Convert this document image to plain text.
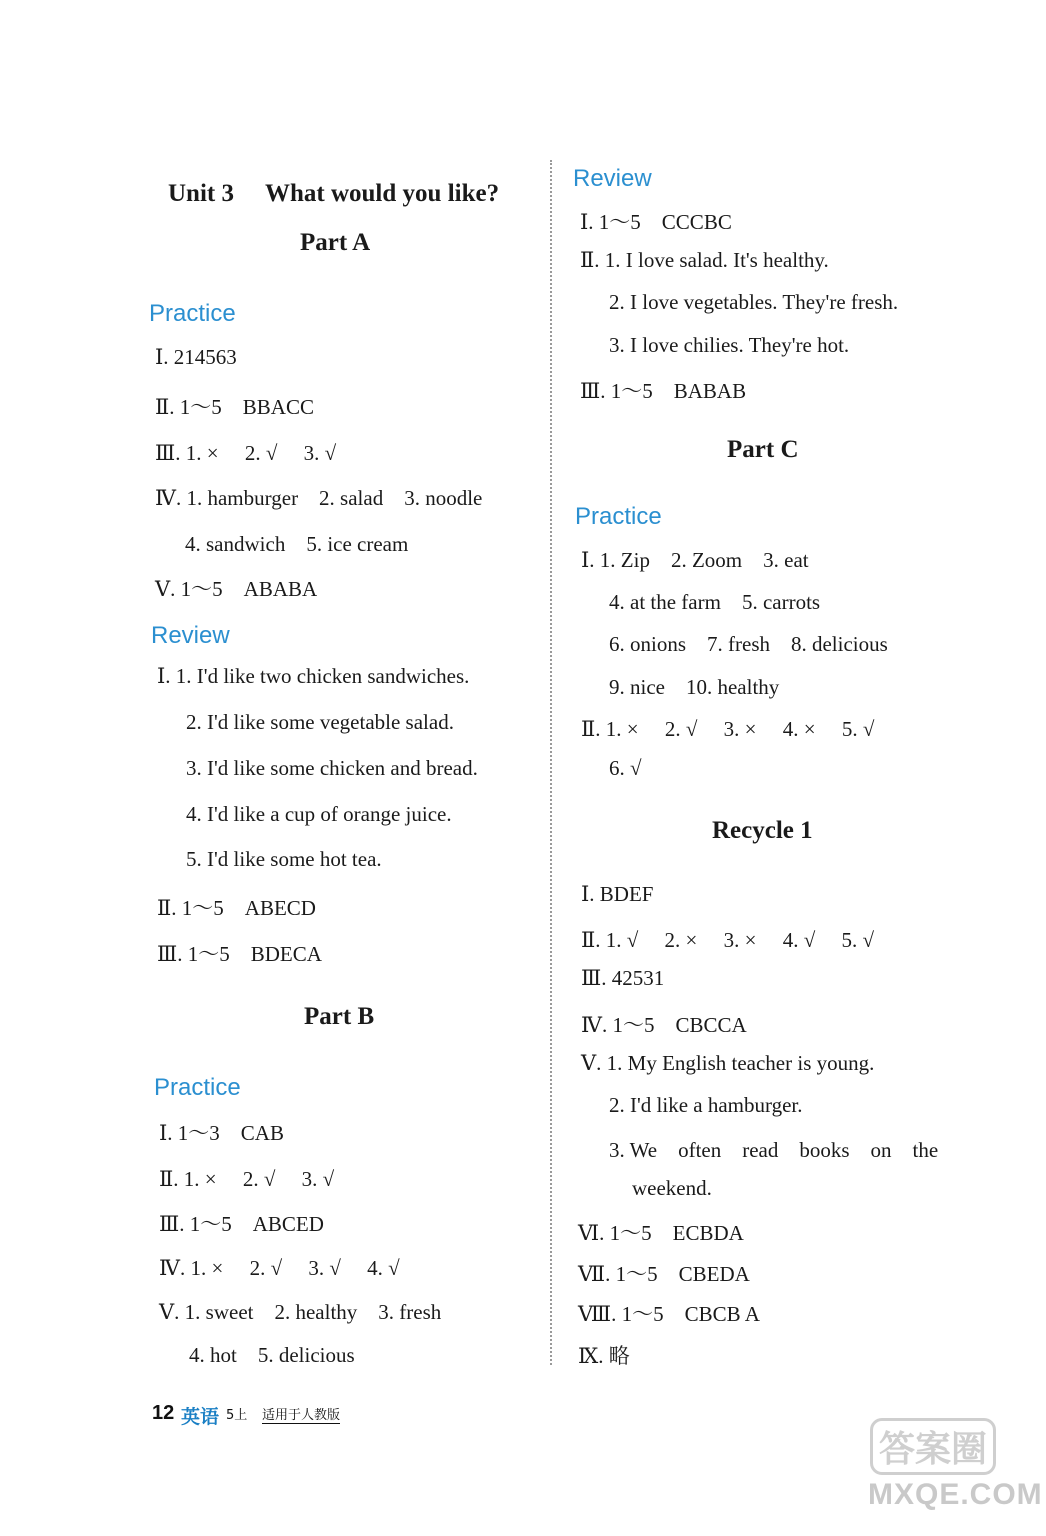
Unit 3 What would you like?
Part A
Practice
Ⅰ. 214563
Ⅱ. 1～5　BBACC
Ⅲ. 1. ×　 2. √　 3. √
Ⅳ. 1. hamburger　2. salad　3. noodle
4. sandwich　5. ice cream
Ⅴ. 1～5　ABABA
Review
Ⅰ. 1. I'd like two chicken sandwiches.
2. I'd like some vegetable salad.
3. I'd like some chicken and bread.
4. I'd like a cup of orange juice.
5. I'd like some hot tea.
Ⅱ. 1～5　ABECD
Ⅲ. 1～5　BDECA
Part B
Practice
Ⅰ. 1～3　CAB
Ⅱ. 1. ×　 2. √　 3. √
Ⅲ. 1～5　ABCED
Ⅳ. 1. ×　 2. √　 3. √　 4. √
Ⅴ. 1. sweet　2. healthy　3. fresh
4. hot　5. delicious
Review
Ⅰ. 1～5　CCCBC
Ⅱ. 1. I love salad. It's healthy.
2. I love vegetables. They're fresh.
3. I love chilies. They're hot.
Ⅲ. 1～5　BABAB
Part C
Practice
Ⅰ. 1. Zip　2. Zoom　3. eat
4. at the farm　5. carrots
6. onions　7. fresh　8. delicious
9. nice　10. healthy
Ⅱ. 1. ×　 2. √　 3. ×　 4. ×　 5. √
6. √
Recycle 1
Ⅰ. BDEF
Ⅱ. 1. √　 2. ×　 3. ×　 4. √　 5. √
Ⅲ. 42531
Ⅳ. 1～5　CBCCA
Ⅴ. 1. My English teacher is young.
2. I'd like a hamburger.
3. We　often　read　books　on　the
weekend.
Ⅵ. 1～5　ECBDA
Ⅶ. 1～5　CBEDA
Ⅷ. 1～5　CBCB A
Ⅸ. 略
12 英语 5上 适用于人教版
答案圈
MXQE.COM
